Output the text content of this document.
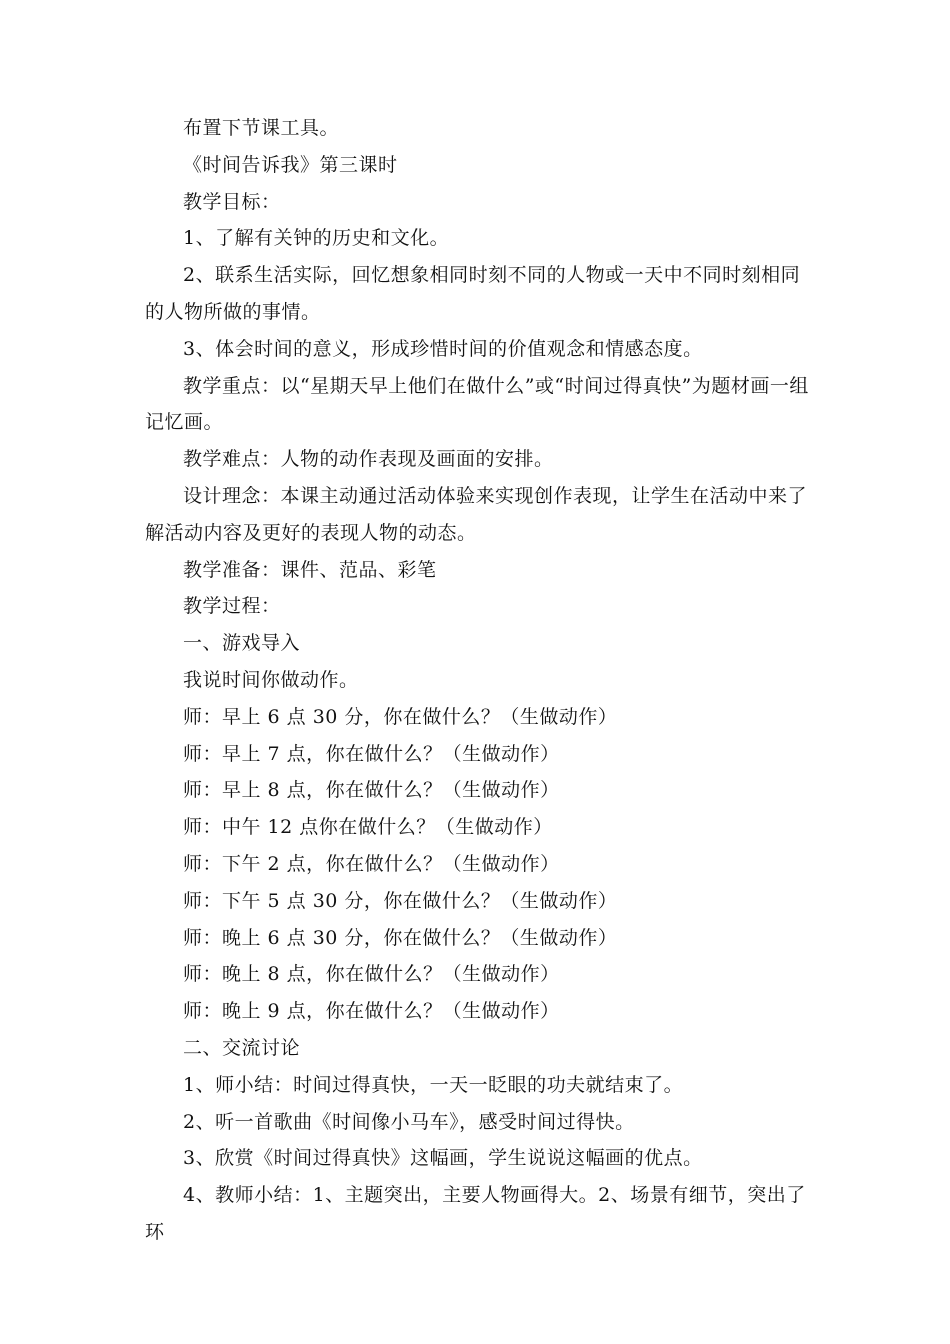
布置下节课工具。

《时间告诉我》第三课时

教学目标：

1、了解有关钟的历史和文化。

2、联系生活实际，回忆想象相同时刻不同的人物或一天中不同时刻相同的人物所做的事情。

3、体会时间的意义，形成珍惜时间的价值观念和情感态度。

教学重点：以“星期天早上他们在做什么”或“时间过得真快”为题材画一组记忆画。

教学难点：人物的动作表现及画面的安排。

设计理念：本课主动通过活动体验来实现创作表现，让学生在活动中来了解活动内容及更好的表现人物的动态。

教学准备：课件、范品、彩笔

教学过程：

一、游戏导入

我说时间你做动作。

师：早上 6 点 30 分，你在做什么？（生做动作）

师：早上 7 点，你在做什么？（生做动作）

师：早上 8 点，你在做什么？（生做动作）

师：中午 12 点你在做什么？（生做动作）

师：下午 2 点，你在做什么？（生做动作）

师：下午 5 点 30 分，你在做什么？（生做动作）

师：晚上 6 点 30 分，你在做什么？（生做动作）

师：晚上 8 点，你在做什么？（生做动作）

师：晚上 9 点，你在做什么？（生做动作）

二、交流讨论

1、师小结：时间过得真快，一天一眨眼的功夫就结束了。

2、听一首歌曲《时间像小马车》，感受时间过得快。

3、欣赏《时间过得真快》这幅画，学生说说这幅画的优点。

4、教师小结：1、主题突出，主要人物画得大。2、场景有细节，突出了环
